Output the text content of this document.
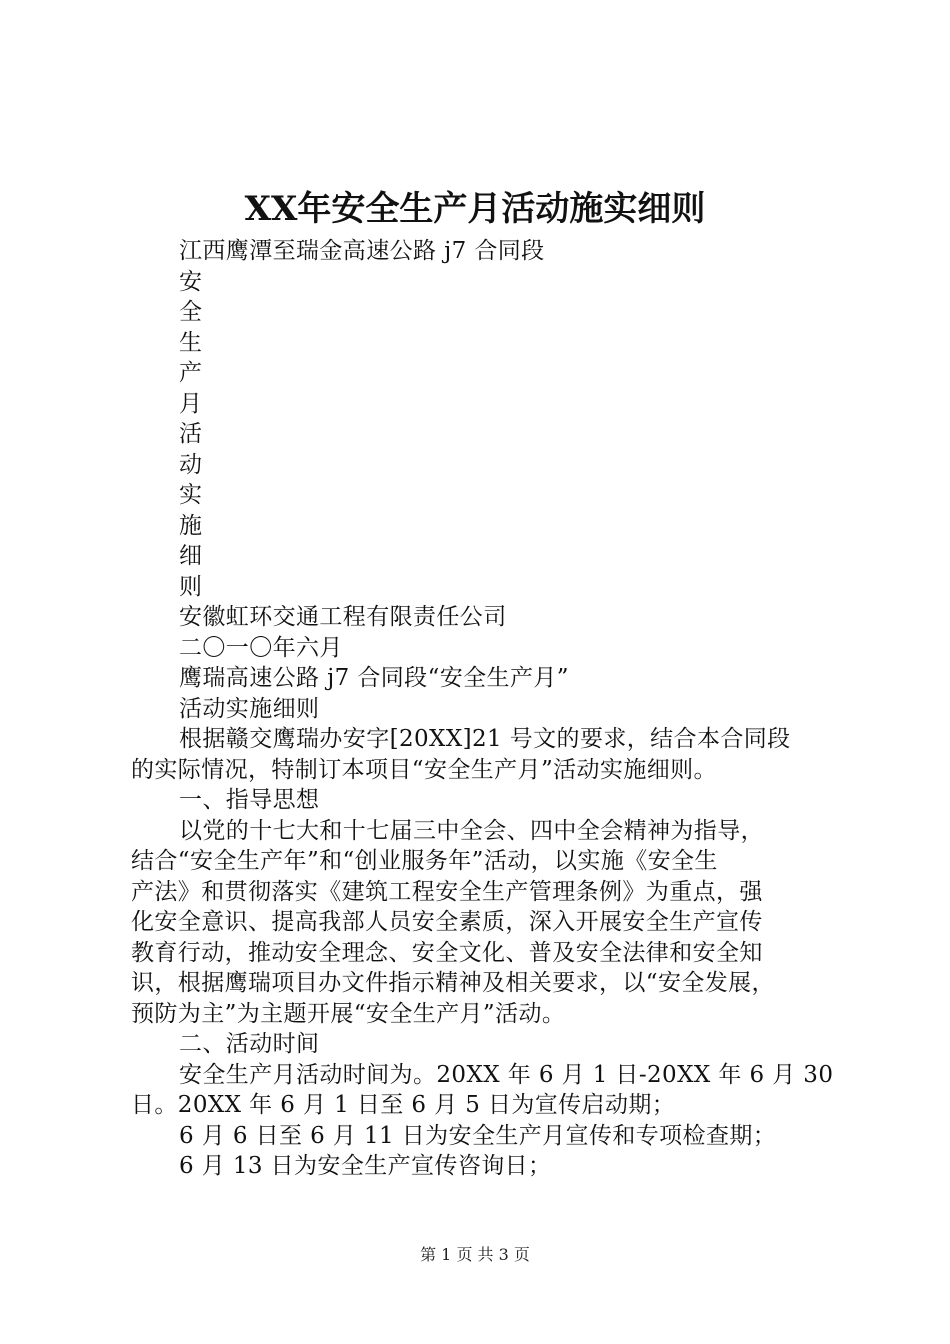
XX年安全生产月活动施实细则
江西鹰潭至瑞金高速公路 j7 合同段
安
全
生
产
月
活
动
实
施
细
则
安徽虹环交通工程有限责任公司
二〇一〇年六月
鹰瑞高速公路 j7 合同段“安全生产月”
活动实施细则
根据赣交鹰瑞办安字[20XX]21 号文的要求，结合本合同段
的实际情况，特制订本项目“安全生产月”活动实施细则。
一、指导思想
以党的十七大和十七届三中全会、四中全会精神为指导，
结合“安全生产年”和“创业服务年”活动，以实施《安全生
产法》和贯彻落实《建筑工程安全生产管理条例》为重点，强
化安全意识、提高我部人员安全素质，深入开展安全生产宣传
教育行动，推动安全理念、安全文化、普及安全法律和安全知
识，根据鹰瑞项目办文件指示精神及相关要求，以“安全发展，
预防为主”为主题开展“安全生产月”活动。
二、活动时间
安全生产月活动时间为。20XX 年 6 月 1 日-20XX 年 6 月 30
日。20XX 年 6 月 1 日至 6 月 5 日为宣传启动期；
6 月 6 日至 6 月 11 日为安全生产月宣传和专项检查期；
6 月 13 日为安全生产宣传咨询日；
第 1 页 共 3 页
